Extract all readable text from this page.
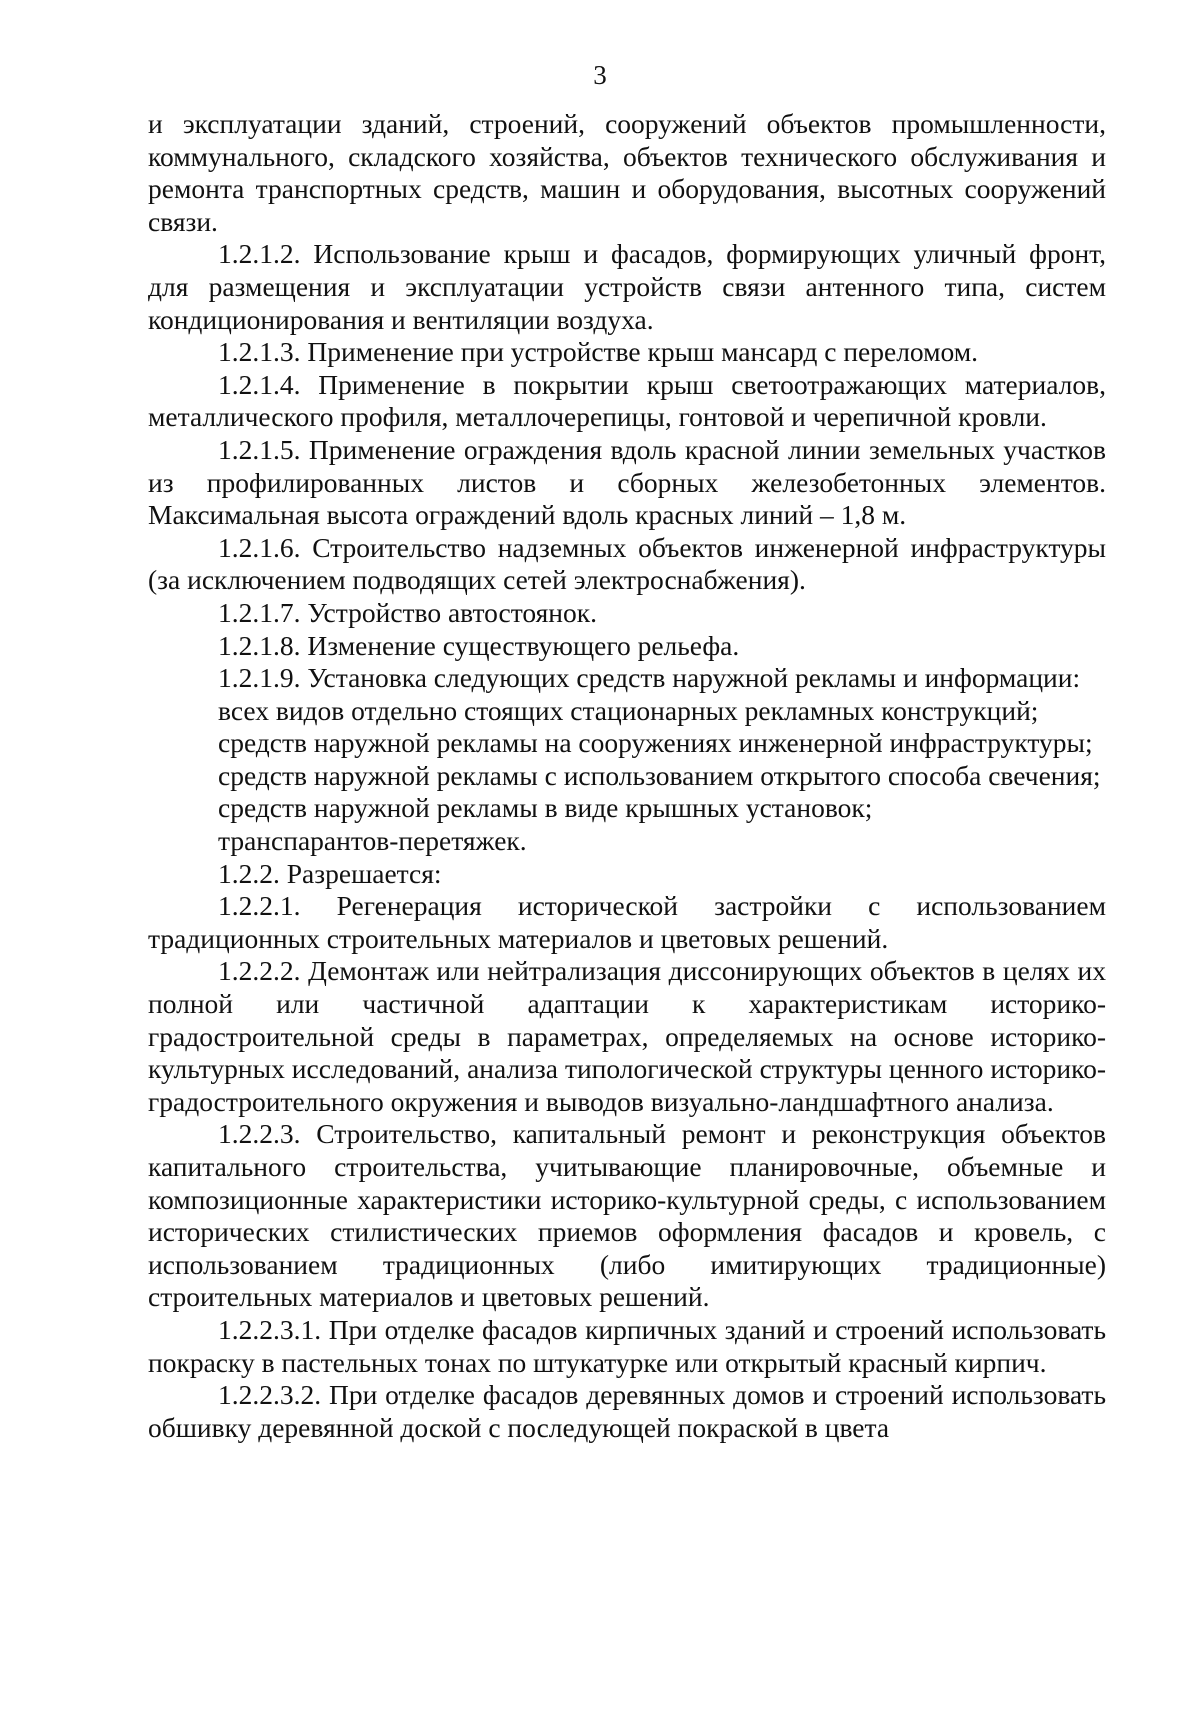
3

и эксплуатации зданий, строений, сооружений объектов промышленности, коммунального, складского хозяйства, объектов технического обслуживания и ремонта транспортных средств, машин и оборудования, высотных сооружений связи.

1.2.1.2. Использование крыш и фасадов, формирующих уличный фронт, для размещения и эксплуатации устройств связи антенного типа, систем кондиционирования и вентиляции воздуха.

1.2.1.3. Применение при устройстве крыш мансард с переломом.

1.2.1.4. Применение в покрытии крыш светоотражающих материалов, металлического профиля, металлочерепицы, гонтовой и черепичной кровли.

1.2.1.5. Применение ограждения вдоль красной линии земельных участков из профилированных листов и сборных железобетонных элементов. Максимальная высота ограждений вдоль красных линий – 1,8 м.

1.2.1.6. Строительство надземных объектов инженерной инфраструктуры (за исключением подводящих сетей электроснабжения).

1.2.1.7. Устройство автостоянок.

1.2.1.8. Изменение существующего рельефа.

1.2.1.9. Установка следующих средств наружной рекламы и информации:

всех видов отдельно стоящих стационарных рекламных конструкций;

средств наружной рекламы на сооружениях инженерной инфраструктуры;

средств наружной рекламы с использованием открытого способа свечения;

средств наружной рекламы в виде крышных установок;

транспарантов-перетяжек.

1.2.2. Разрешается:

1.2.2.1. Регенерация исторической застройки с использованием традиционных строительных материалов и цветовых решений.

1.2.2.2. Демонтаж или нейтрализация диссонирующих объектов в целях их полной или частичной адаптации к характеристикам историко-градостроительной среды в параметрах, определяемых на основе историко-культурных исследований, анализа типологической структуры ценного историко-градостроительного окружения и выводов визуально-ландшафтного анализа.

1.2.2.3. Строительство, капитальный ремонт и реконструкция объектов капитального строительства, учитывающие планировочные, объемные и композиционные характеристики историко-культурной среды, с использованием исторических стилистических приемов оформления фасадов и кровель, с использованием традиционных (либо имитирующих традиционные) строительных материалов и цветовых решений.

1.2.2.3.1. При отделке фасадов кирпичных зданий и строений использовать покраску в пастельных тонах по штукатурке или открытый красный кирпич.

1.2.2.3.2. При отделке фасадов деревянных домов и строений использовать обшивку деревянной доской с последующей покраской в цвета
